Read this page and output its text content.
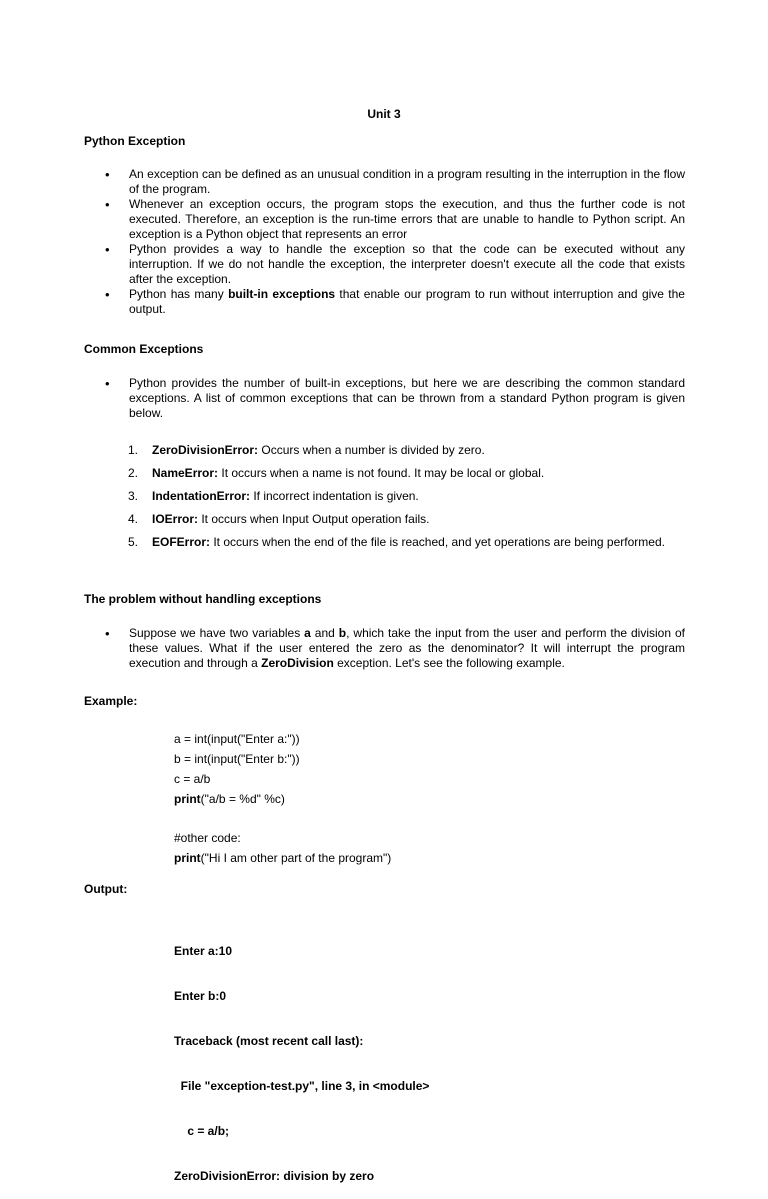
Unit 3
Python Exception
• An exception can be defined as an unusual condition in a program resulting in the interruption in the flow of the program.
• Whenever an exception occurs, the program stops the execution, and thus the further code is not executed. Therefore, an exception is the run-time errors that are unable to handle to Python script. An exception is a Python object that represents an error
• Python provides a way to handle the exception so that the code can be executed without any interruption. If we do not handle the exception, the interpreter doesn't execute all the code that exists after the exception.
• Python has many built-in exceptions that enable our program to run without interruption and give the output.
Common Exceptions
• Python provides the number of built-in exceptions, but here we are describing the common standard exceptions. A list of common exceptions that can be thrown from a standard Python program is given below.
1. ZeroDivisionError: Occurs when a number is divided by zero.
2. NameError: It occurs when a name is not found. It may be local or global.
3. IndentationError: If incorrect indentation is given.
4. IOError: It occurs when Input Output operation fails.
5. EOFError: It occurs when the end of the file is reached, and yet operations are being performed.
The problem without handling exceptions
• Suppose we have two variables a and b, which take the input from the user and perform the division of these values. What if the user entered the zero as the denominator? It will interrupt the program execution and through a ZeroDivision exception. Let's see the following example.
Example:
a = int(input("Enter a:"))
b = int(input("Enter b:"))
c = a/b
print("a/b = %d" %c)
#other code:
print("Hi I am other part of the program")
Output:

Enter a:10

Enter b:0

Traceback (most recent call last):

File "exception-test.py", line 3, in <module>

c = a/b;

ZeroDivisionError: division by zero
